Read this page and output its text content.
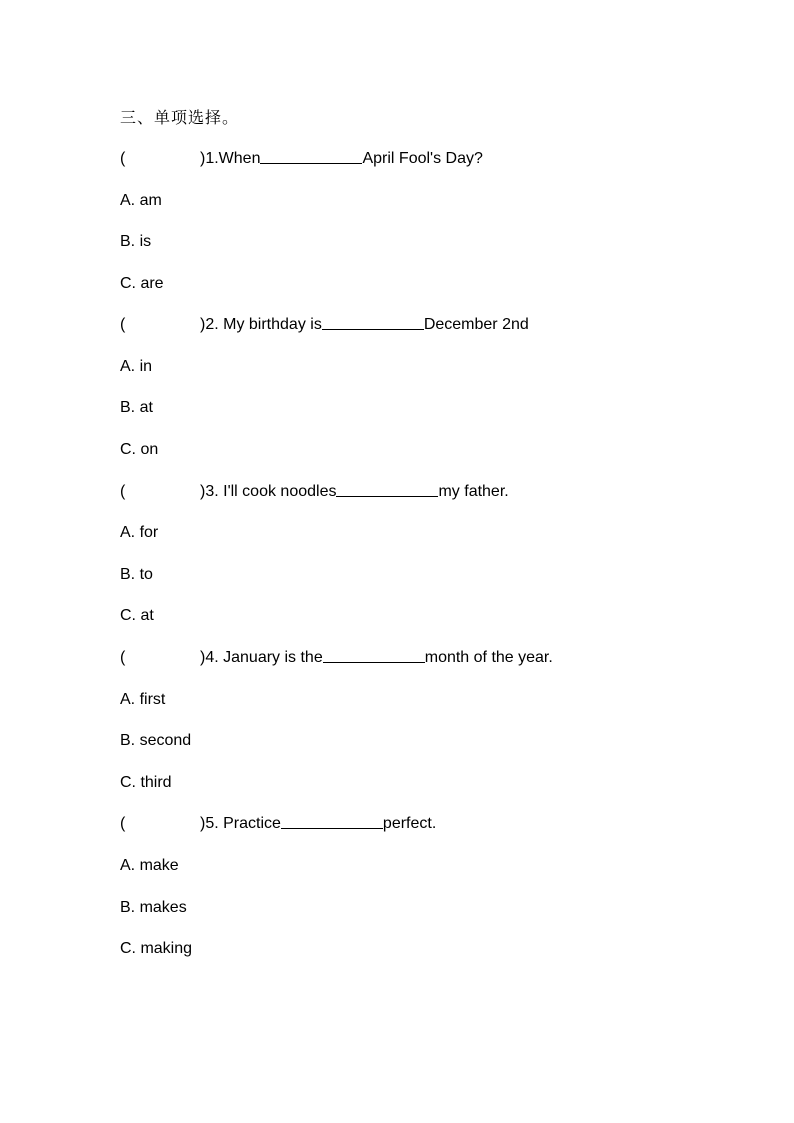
三、单项选择。
(	)1.When	April Fool's Day?
A. am
B. is
C. are
(	)2. My birthday is	December 2nd
A. in
B. at
C. on
(	)3. I'll cook noodles	my father.
A. for
B. to
C. at
(	)4. January is the	month of the year.
A. first
B. second
C. third
(	)5. Practice	perfect.
A. make
B. makes
C. making
